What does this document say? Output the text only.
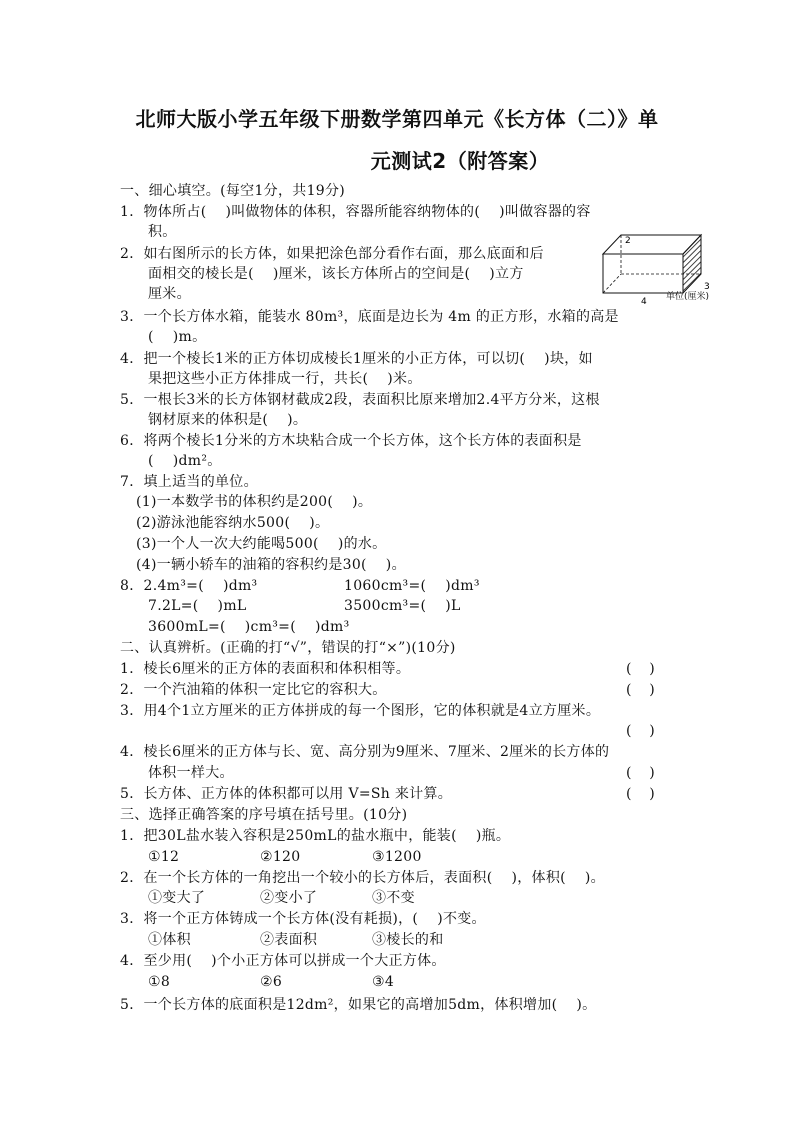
北师大版小学五年级下册数学第四单元《长方体（二）》单
元测试2（附答案）
2
3
4 单位(厘米)
一、细心填空。(每空1分，共19分)
1．物体所占(    )叫做物体的体积，容器所能容纳物体的(    )叫做容器的容
积。
2．如右图所示的长方体，如果把涂色部分看作右面，那么底面和后
面相交的棱长是(    )厘米，该长方体所占的空间是(    )立方
厘米。
3．一个长方体水箱，能装水 80m³，底面是边长为 4m 的正方形，水箱的高是
(    )m。
4．把一个棱长1米的正方体切成棱长1厘米的小正方体，可以切(    )块，如
果把这些小正方体排成一行，共长(    )米。
5．一根长3米的长方体钢材截成2段，表面积比原来增加2.4平方分米，这根
钢材原来的体积是(    )。
6．将两个棱长1分米的方木块粘合成一个长方体，这个长方体的表面积是
(    )dm²。
7．填上适当的单位。
(1)一本数学书的体积约是200(    )。
(2)游泳池能容纳水500(    )。
(3)一个人一次大约能喝500(    )的水。
(4)一辆小轿车的油箱的容积约是30(    )。
8．2.4m³=(    )dm³	1060cm³=(    )dm³
7.2L=(    )mL	3500cm³=(    )L
3600mL=(    )cm³=(    )dm³
二、认真辨析。(正确的打“√”，错误的打“×”)(10分)
1．棱长6厘米的正方体的表面积和体积相等。	(    )
2．一个汽油箱的体积一定比它的容积大。	(    )
3．用4个1立方厘米的正方体拼成的每一个图形，它的体积就是4立方厘米。
(    )
4．棱长6厘米的正方体与长、宽、高分别为9厘米、7厘米、2厘米的长方体的
体积一样大。	(    )
5．长方体、正方体的体积都可以用 V=Sh 来计算。	(    )
三、选择正确答案的序号填在括号里。(10分)
1．把30L盐水装入容积是250mL的盐水瓶中，能装(    )瓶。
①12	②120	③1200
2．在一个长方体的一角挖出一个较小的长方体后，表面积(    )，体积(    )。
①变大了	②变小了	③不变
3．将一个正方体铸成一个长方体(没有耗损)，(    )不变。
①体积	②表面积	③棱长的和
4．至少用(    )个小正方体可以拼成一个大正方体。
①8	②6	③4
5．一个长方体的底面积是12dm²，如果它的高增加5dm，体积增加(    )。
